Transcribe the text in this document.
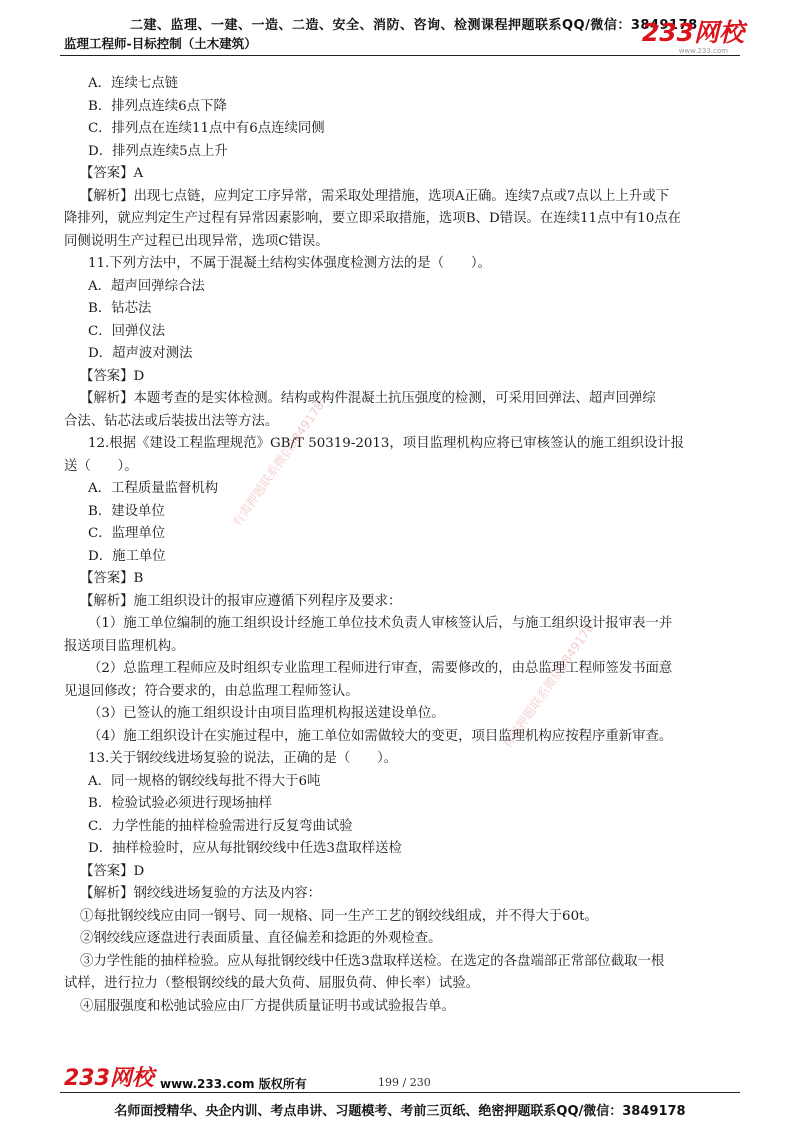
二建、监理、一建、一造、二造、安全、消防、咨询、检测课程押题联系QQ/微信：3849178
监理工程师-目标控制（土木建筑）	233网校
www.233.com

A．连续七点链

B．排列点连续6点下降

C．排列点在连续11点中有6点连续同侧

D．排列点连续5点上升

【答案】A

【解析】出现七点链，应判定工序异常，需采取处理措施，选项A正确。连续7点或7点以上上升或下

降排列，就应判定生产过程有异常因素影响，要立即采取措施，选项B、D错误。在连续11点中有10点在

同侧说明生产过程已出现异常，选项C错误。

11.下列方法中，不属于混凝土结构实体强度检测方法的是（　　）。

A．超声回弹综合法

B．钻芯法

C．回弹仪法

D．超声波对测法

【答案】D

【解析】本题考查的是实体检测。结构或构件混凝土抗压强度的检测，可采用回弹法、超声回弹综

合法、钻芯法或后装拔出法等方法。

12.根据《建设工程监理规范》GB/T 50319-2013，项目监理机构应将已审核签认的施工组织设计报

送（　　）。

A．工程质量监督机构

B．建设单位

C．监理单位

D．施工单位

【答案】B

【解析】施工组织设计的报审应遵循下列程序及要求：

（1）施工单位编制的施工组织设计经施工单位技术负责人审核签认后，与施工组织设计报审表一并

报送项目监理机构。

（2）总监理工程师应及时组织专业监理工程师进行审查，需要修改的，由总监理工程师签发书面意

见退回修改；符合要求的，由总监理工程师签认。

（3）已签认的施工组织设计由项目监理机构报送建设单位。

（4）施工组织设计在实施过程中，施工单位如需做较大的变更，项目监理机构应按程序重新审查。

13.关于钢绞线进场复验的说法，正确的是（　　）。

A．同一规格的钢绞线每批不得大于6吨

B．检验试验必须进行现场抽样

C．力学性能的抽样检验需进行反复弯曲试验

D．抽样检验时，应从每批钢绞线中任选3盘取样送检

【答案】D

【解析】钢绞线进场复验的方法及内容：

①每批钢绞线应由同一钢号、同一规格、同一生产工艺的钢绞线组成，并不得大于60t。

②钢绞线应逐盘进行表面质量、直径偏差和捻距的外观检查。

③力学性能的抽样检验。应从每批钢绞线中任选3盘取样送检。在选定的各盘端部正常部位截取一根

试样，进行拉力（整根钢绞线的最大负荷、屈服负荷、伸长率）试验。

④屈服强度和松弛试验应由厂方提供质量证明书或试验报告单。

有需押题联系微信3849178
有需押题联系微信3849178
233网校 www.233.com 版权所有	199 / 230
名师面授精华、央企内训、考点串讲、习题模考、考前三页纸、绝密押题联系QQ/微信：3849178
